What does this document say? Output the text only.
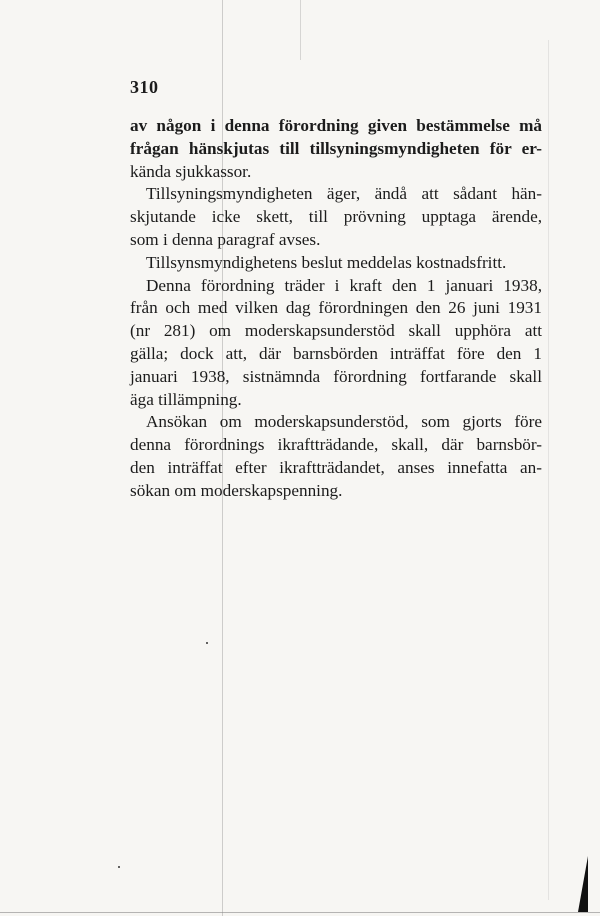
310
av någon i denna förordning given bestämmelse må
frågan hänskjutas till tillsyningsmyndigheten för er-
kända sjukkassor.
Tillsyningsmyndigheten äger, ändå att sådant hän-
skjutande icke skett, till prövning upptaga ärende,
som i denna paragraf avses.
Tillsynsmyndighetens beslut meddelas kostnadsfritt.
Denna förordning träder i kraft den 1 januari 1938,
från och med vilken dag förordningen den 26 juni 1931
(nr 281) om moderskapsunderstöd skall upphöra att
gälla; dock att, där barnsbörden inträffat före den 1
januari 1938, sistnämnda förordning fortfarande skall
äga tillämpning.
Ansökan om moderskapsunderstöd, som gjorts före
denna förordnings ikraftträdande, skall, där barnsbör-
den inträffat efter ikraftträdandet, anses innefatta an-
sökan om moderskapspenning.
